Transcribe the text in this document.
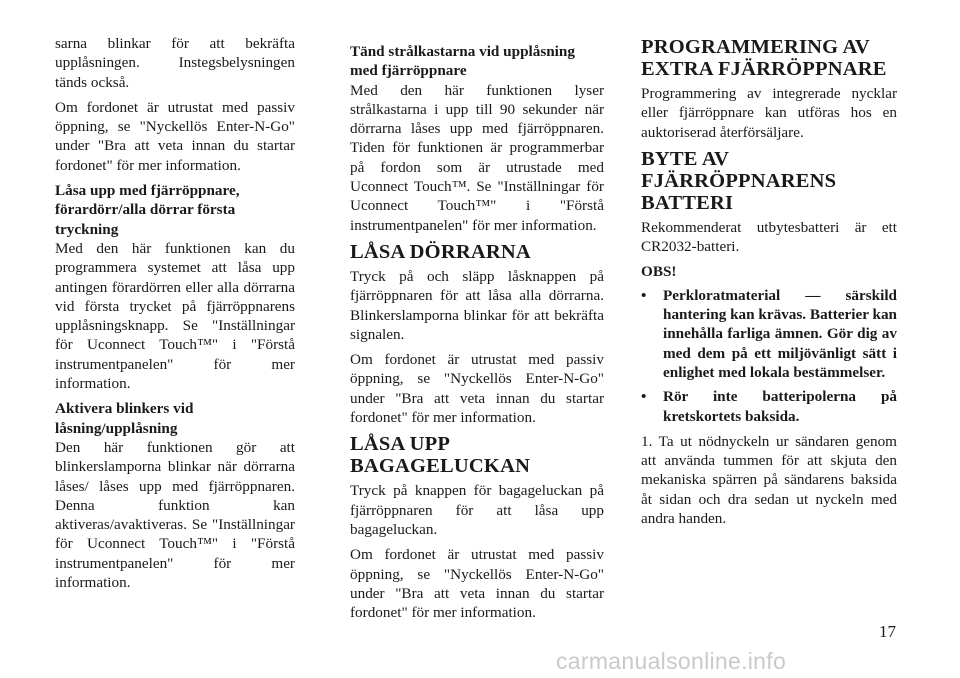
sarna blinkar för att bekräfta upplåsningen. Instegsbelysningen tänds också.

Om fordonet är utrustat med passiv öppning, se "Nyckellös Enter-N-Go" under "Bra att veta innan du startar fordonet" för mer information.

Låsa upp med fjärröppnare, förardörr/alla dörrar första tryckning

Med den här funktionen kan du programmera systemet att låsa upp antingen förardörren eller alla dörrarna vid första trycket på fjärröppnarens upplåsningsknapp. Se "Inställningar för Uconnect Touch™" i "Förstå instrumentpanelen" för mer information.

Aktivera blinkers vid låsning/upplåsning

Den här funktionen gör att blinkerslamporna blinkar när dörrarna låses/ låses upp med fjärröppnaren. Denna funktion kan aktiveras/avaktiveras. Se "Inställningar för Uconnect Touch™" i "Förstå instrumentpanelen" för mer information.

Tänd strålkastarna vid upplåsning med fjärröppnare

Med den här funktionen lyser strålkastarna i upp till 90 sekunder när dörrarna låses upp med fjärröppnaren. Tiden för funktionen är programmerbar på fordon som är utrustade med Uconnect Touch™. Se "Inställningar för Uconnect Touch™" i "Förstå instrumentpanelen" för mer information.

LÅSA DÖRRARNA

Tryck på och släpp låsknappen på fjärröppnaren för att låsa alla dörrarna. Blinkerslamporna blinkar för att bekräfta signalen.

Om fordonet är utrustat med passiv öppning, se "Nyckellös Enter-N-Go" under "Bra att veta innan du startar fordonet" för mer information.

LÅSA UPP BAGAGELUCKAN

Tryck på knappen för bagageluckan på fjärröppnaren för att låsa upp bagageluckan.

Om fordonet är utrustat med passiv öppning, se "Nyckellös Enter-N-Go" under "Bra att veta innan du startar fordonet" för mer information.

PROGRAMMERING AV EXTRA FJÄRRÖPPNARE

Programmering av integrerade nycklar eller fjärröppnare kan utföras hos en auktoriserad återförsäljare.

BYTE AV FJÄRRÖPPNARENS BATTERI

Rekommenderat utbytesbatteri är ett CR2032-batteri.

OBS!
• Perkloratmaterial — särskild hantering kan krävas. Batterier kan innehålla farliga ämnen. Gör dig av med dem på ett miljövänligt sätt i enlighet med lokala bestämmelser.
• Rör inte batteripolerna på kretskortets baksida.

1. Ta ut nödnyckeln ur sändaren genom att använda tummen för att skjuta den mekaniska spärren på sändarens baksida åt sidan och dra sedan ut nyckeln med andra handen.

17
carmanualsonline.info
